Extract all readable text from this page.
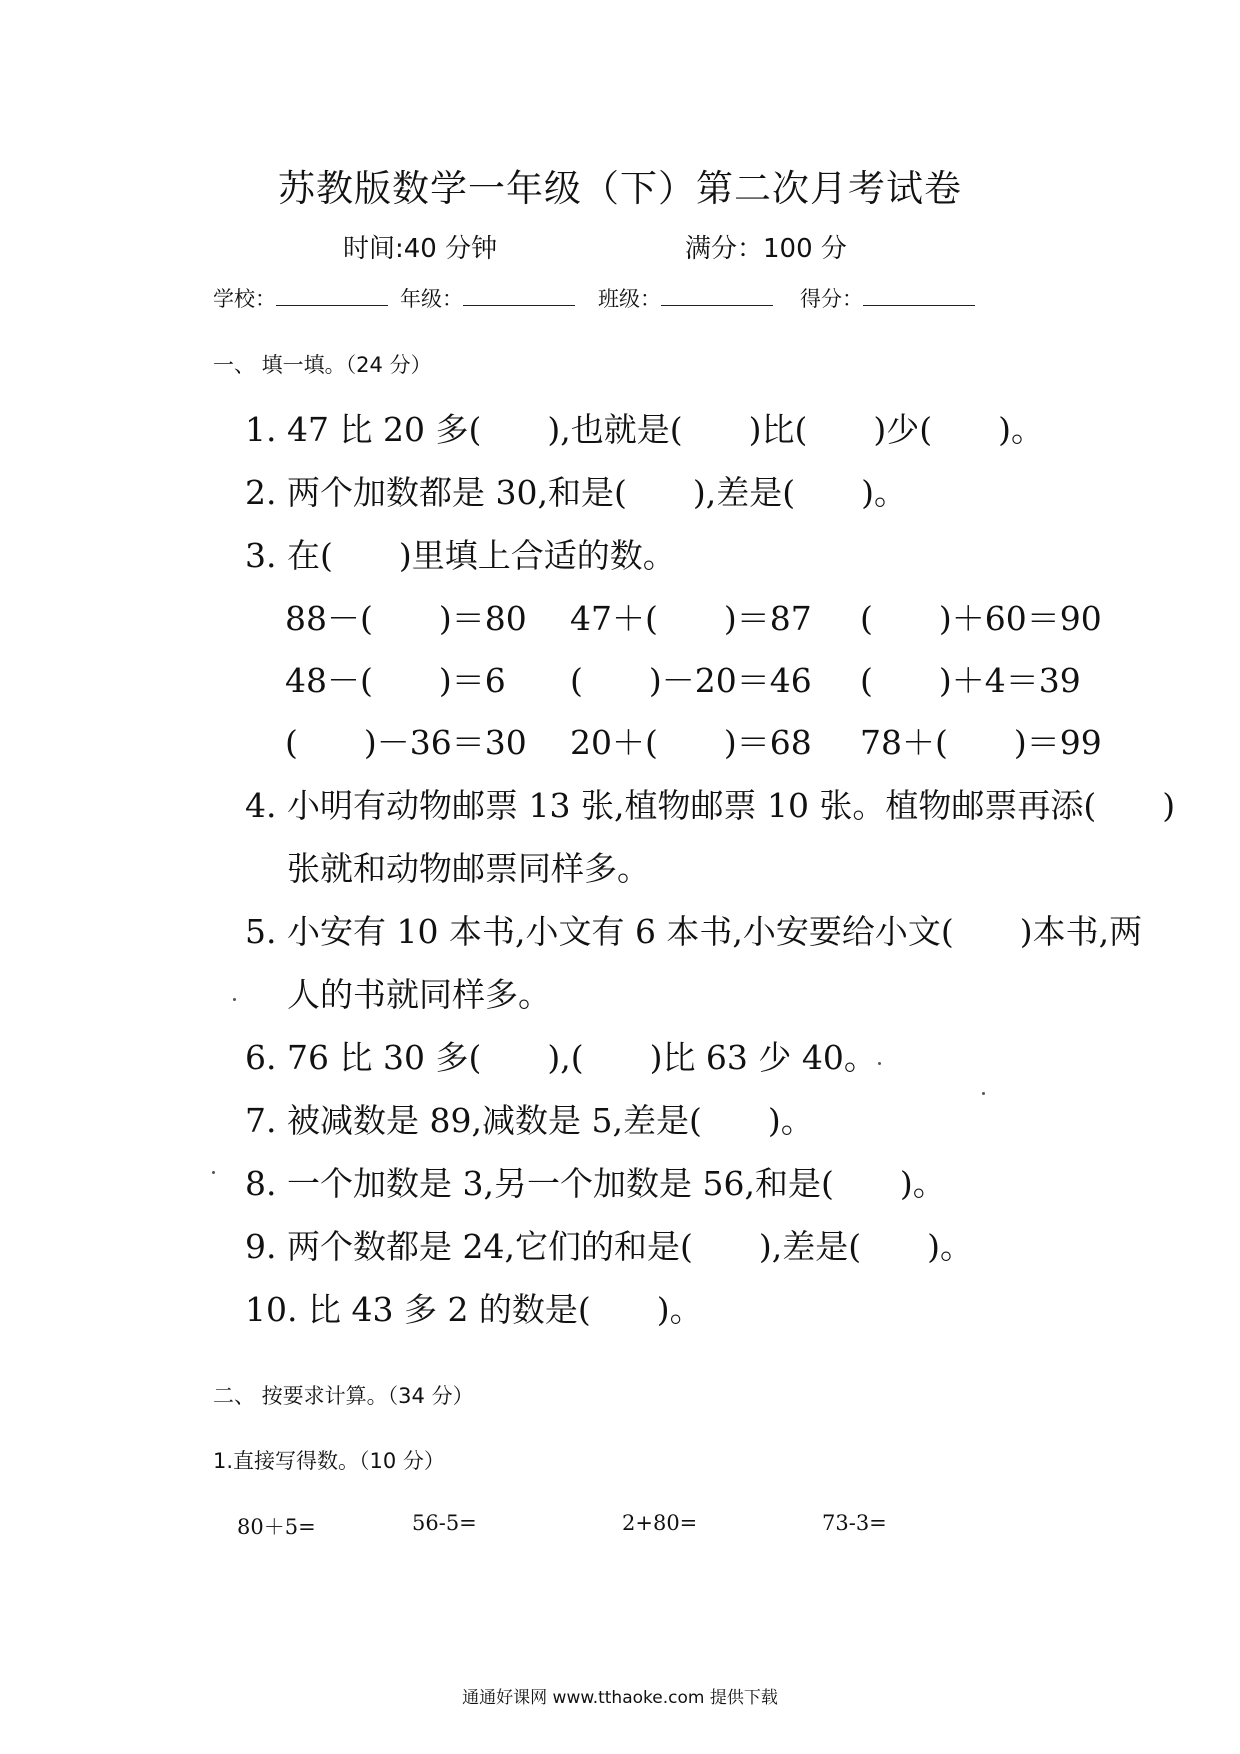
苏教版数学一年级（下）第二次月考试卷
时间:40 分钟	满分：100 分
学校：	年级：	班级：	得分：
一、 填一填。（24 分）
1. 47 比 20 多(　　),也就是(　　)比(　　)少(　　)。
2. 两个加数都是 30,和是(　　),差是(　　)。
3. 在(　　)里填上合适的数。
88－(　　)＝80 47＋(　　)＝87 (　　)＋60＝90
48－(　　)＝6 (　　)－20＝46 (　　)＋4＝39
(　　)－36＝30 20＋(　　)＝68 78＋(　　)＝99
4. 小明有动物邮票 13 张,植物邮票 10 张。植物邮票再添(　　)
张就和动物邮票同样多。
5. 小安有 10 本书,小文有 6 本书,小安要给小文(　　)本书,两
人的书就同样多。
6. 76 比 30 多(　　),(　　)比 63 少 40。
7. 被减数是 89,减数是 5,差是(　　)。
8. 一个加数是 3,另一个加数是 56,和是(　　)。
9. 两个数都是 24,它们的和是(　　),差是(　　)。
10. 比 43 多 2 的数是(　　)。
二、 按要求计算。（34 分）
1.直接写得数。（10 分）
80＋5=	56-5=	2+80=	73-3=
通通好课网 www.tthaoke.com 提供下载
